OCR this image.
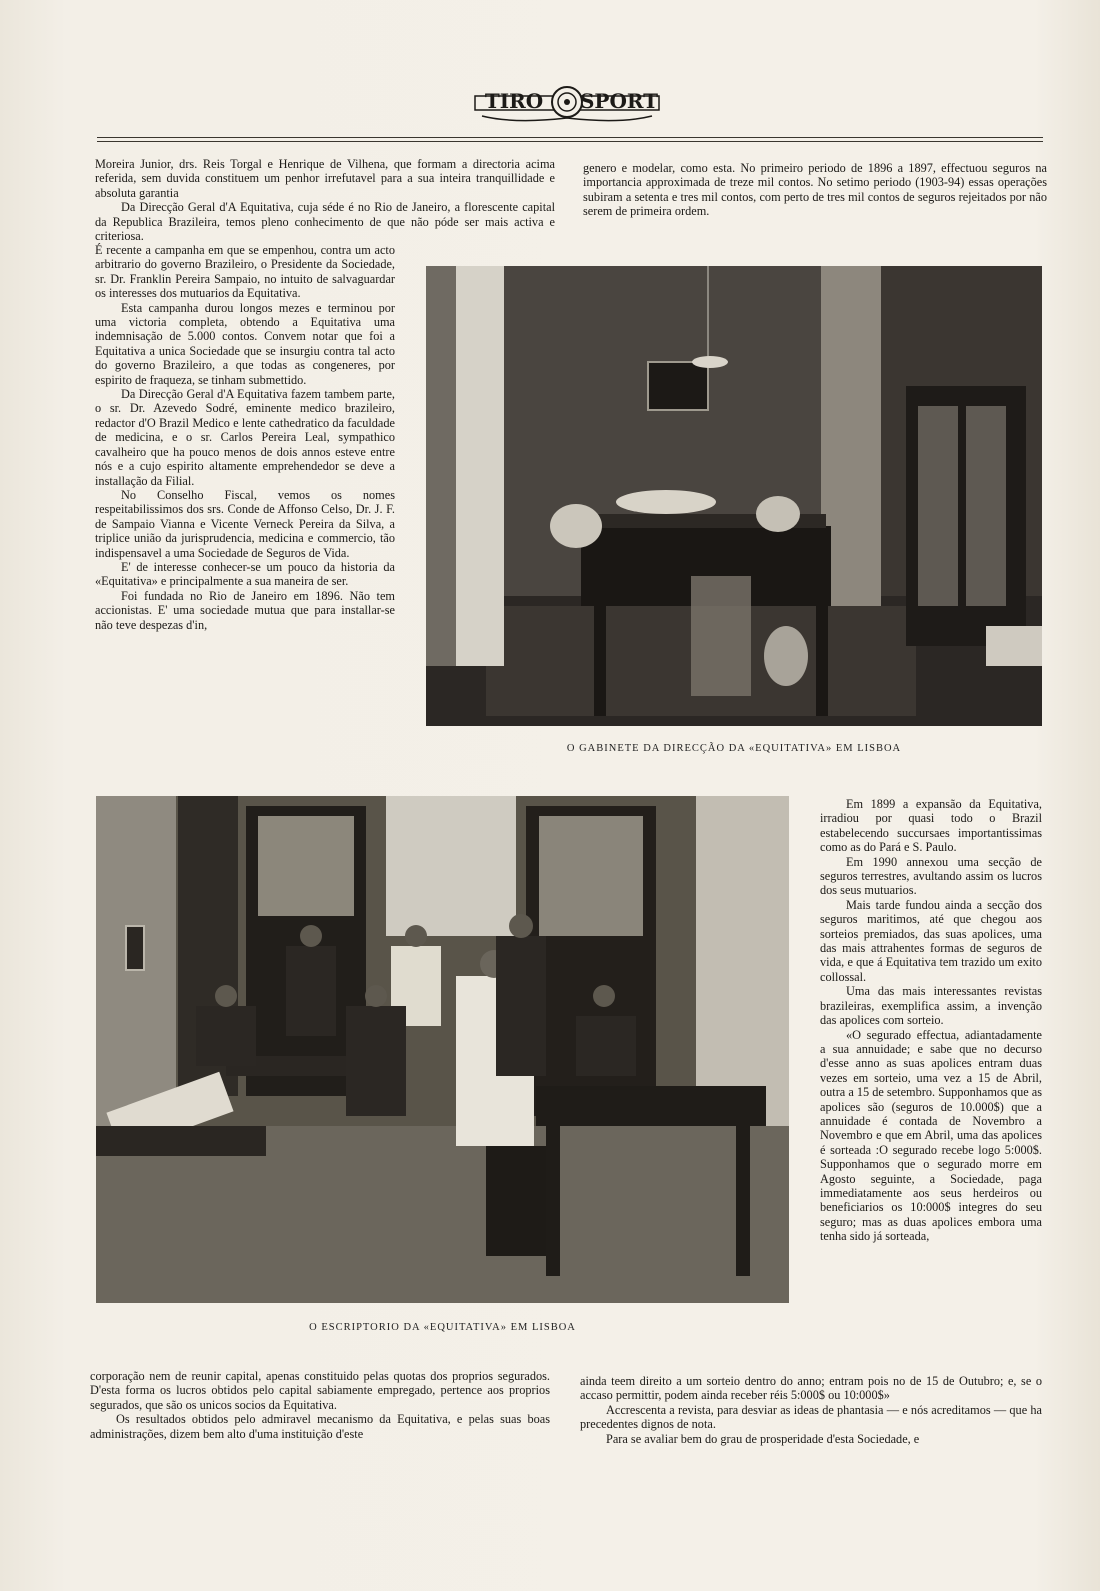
TIRO SPORT

Moreira Junior, drs. Reis Torgal e Henrique de Vilhena, que formam a directoria acima referida, sem duvida constituem um penhor irrefutavel para a sua inteira tranquillidade e absoluta garantia

Da Direcção Geral d'A Equitativa, cuja séde é no Rio de Janeiro, a florescente capital da Republica Brazileira, temos pleno conhecimento de que não póde ser mais activa e criteriosa.

É recente a campanha em que se empenhou, contra um acto arbitrario do governo Brazileiro, o Presidente da Sociedade, sr. Dr. Franklin Pereira Sampaio, no intuito de salvaguardar os interesses dos mutuarios da Equitativa.

Esta campanha durou longos mezes e terminou por uma victoria completa, obtendo a Equitativa uma indemnisação de 5.000 contos. Convem notar que foi a Equitativa a unica Sociedade que se insurgiu contra tal acto do governo Brazileiro, a que todas as congeneres, por espirito de fraqueza, se tinham submettido.

Da Direcção Geral d'A Equitativa fazem tambem parte, o sr. Dr. Azevedo Sodré, eminente medico brazileiro, redactor d'O Brazil Medico e lente cathedratico da faculdade de medicina, e o sr. Carlos Pereira Leal, sympathico cavalheiro que ha pouco menos de dois annos esteve entre nós e a cujo espirito altamente emprehendedor se deve a installação da Filial.

No Conselho Fiscal, vemos os nomes respeitabilissimos dos srs. Conde de Affonso Celso, Dr. J. F. de Sampaio Vianna e Vicente Verneck Pereira da Silva, a triplice união da jurisprudencia, medicina e commercio, tão indispensavel a uma Sociedade de Seguros de Vida.

E' de interesse conhecer-se um pouco da historia da «Equitativa» e principalmente a sua maneira de ser.

Foi fundada no Rio de Janeiro em 1896. Não tem accionistas. E' uma sociedade mutua que para installar-se não teve despezas d'in,

genero e modelar, como esta. No primeiro periodo de 1896 a 1897, effectuou seguros na importancia approximada de treze mil contos. No setimo periodo (1903-94) essas operações subiram a setenta e tres mil contos, com perto de tres mil contos de seguros rejeitados por não serem de primeira ordem.

O GABINETE DA DIRECÇÃO DA «EQUITATIVA» EM LISBOA
O ESCRIPTORIO DA «EQUITATIVA» EM LISBOA

Em 1899 a expansão da Equitativa, irradiou por quasi todo o Brazil estabelecendo succursaes importantissimas como as do Pará e S. Paulo.

Em 1990 annexou uma secção de seguros terrestres, avultando assim os lucros dos seus mutuarios.

Mais tarde fundou ainda a secção dos seguros maritimos, até que chegou aos sorteios premiados, das suas apolices, uma das mais attrahentes formas de seguros de vida, e que á Equitativa tem trazido um exito collossal.

Uma das mais interessantes revistas brazileiras, exemplifica assim, a invenção das apolices com sorteio.

«O segurado effectua, adiantadamente a sua annuidade; e sabe que no decurso d'esse anno as suas apolices entram duas vezes em sorteio, uma vez a 15 de Abril, outra a 15 de setembro. Supponhamos que as apolices são (seguros de 10.000$) que a annuidade é contada de Novembro a Novembro e que em Abril, uma das apolices é sorteada :O segurado recebe logo 5:000$. Supponhamos que o segurado morre em Agosto seguinte, a Sociedade, paga immediatamente aos seus herdeiros ou beneficiarios os 10:000$ integres do seu seguro; mas as duas apolices embora uma tenha sido já sorteada,

corporação nem de reunir capital, apenas constituido pelas quotas dos proprios segurados. D'esta forma os lucros obtidos pelo capital sabiamente empregado, pertence aos proprios segurados, que são os unicos socios da Equitativa.

Os resultados obtidos pelo admiravel mecanismo da Equitativa, e pelas suas boas administrações, dizem bem alto d'uma instituição d'este

ainda teem direito a um sorteio dentro do anno; entram pois no de 15 de Outubro; e, se o accaso permittir, podem ainda receber réis 5:000$ ou 10:000$»

Accrescenta a revista, para desviar as ideas de phantasia — e nós acreditamos — que ha precedentes dignos de nota.

Para se avaliar bem do grau de prosperidade d'esta Sociedade, e
